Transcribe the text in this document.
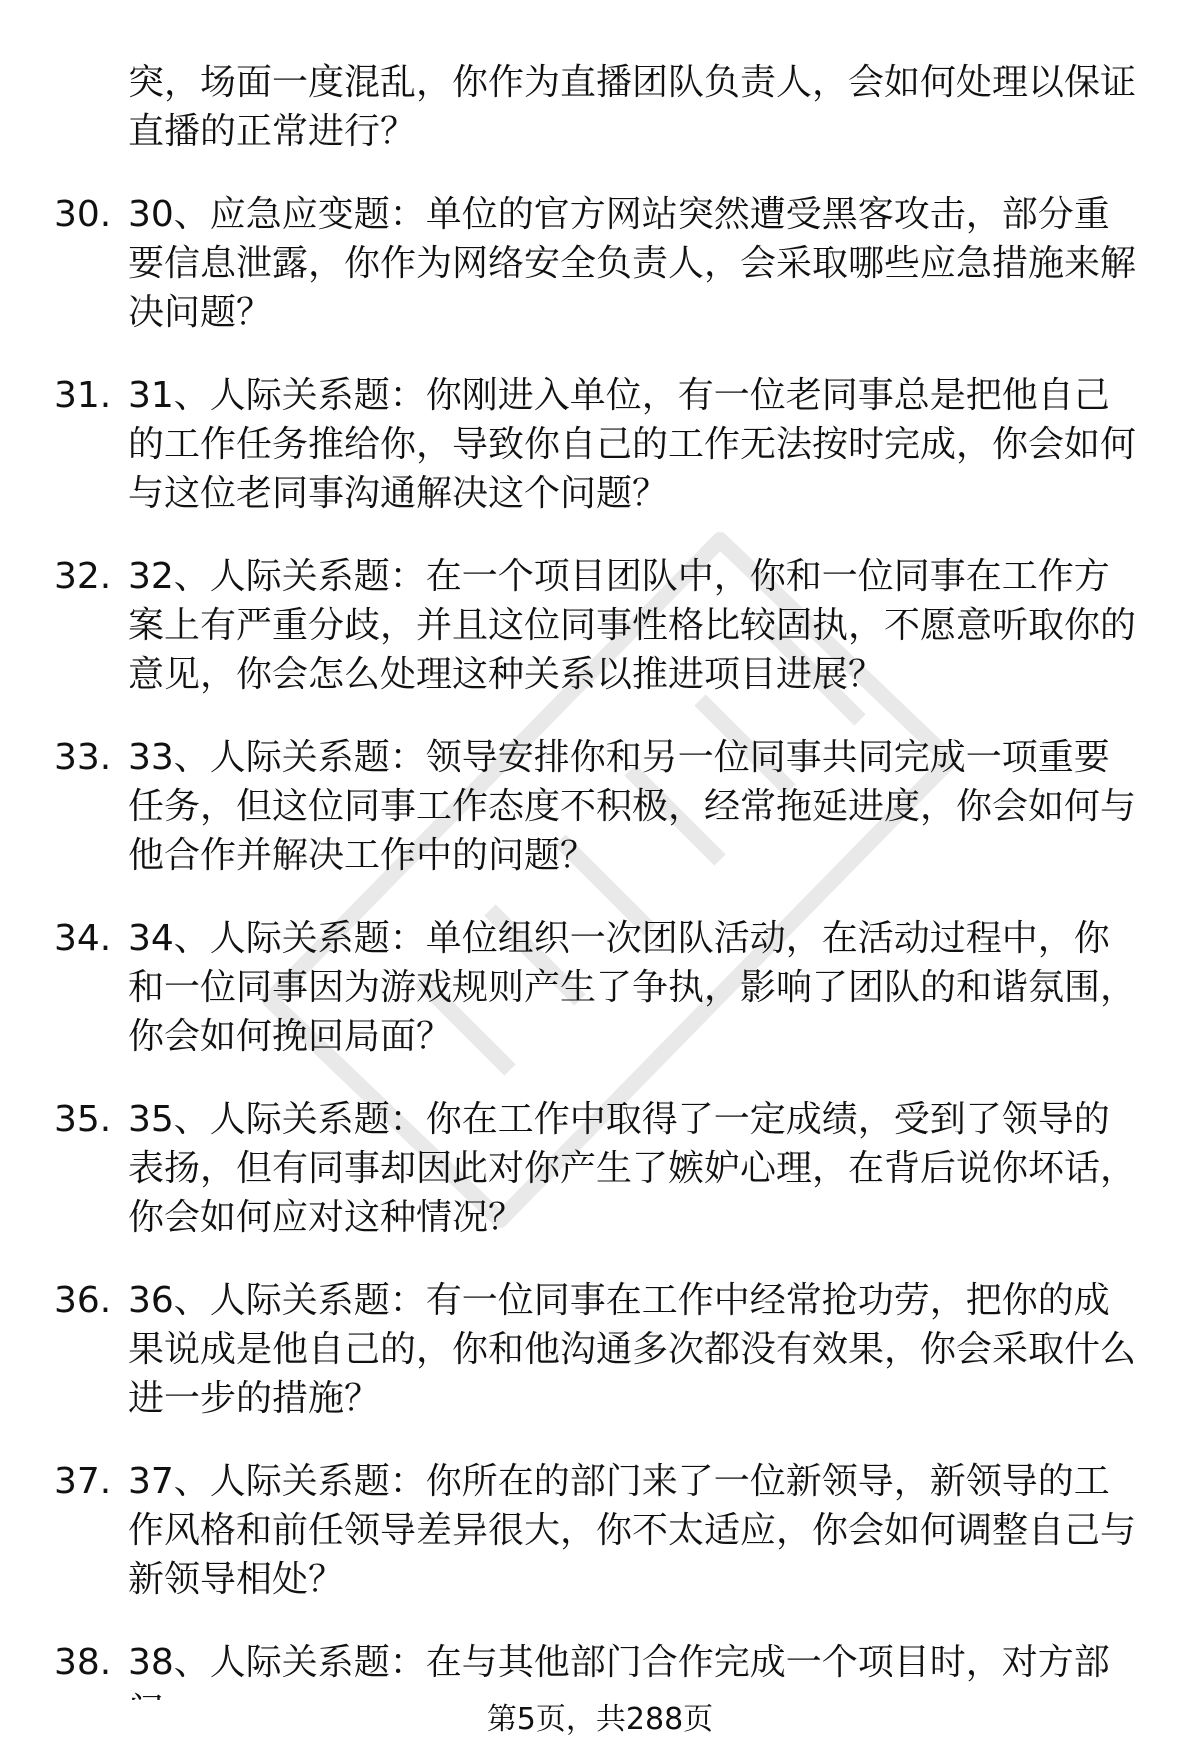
突，场面一度混乱，你作为直播团队负责人，会如何处理以保证直播的正常进行？

30. 30、应急应变题：单位的官方网站突然遭受黑客攻击，部分重要信息泄露，你作为网络安全负责人，会采取哪些应急措施来解决问题？

31. 31、人际关系题：你刚进入单位，有一位老同事总是把他自己的工作任务推给你，导致你自己的工作无法按时完成，你会如何与这位老同事沟通解决这个问题？

32. 32、人际关系题：在一个项目团队中，你和一位同事在工作方案上有严重分歧，并且这位同事性格比较固执，不愿意听取你的意见，你会怎么处理这种关系以推进项目进展？

33. 33、人际关系题：领导安排你和另一位同事共同完成一项重要任务，但这位同事工作态度不积极，经常拖延进度，你会如何与他合作并解决工作中的问题？

34. 34、人际关系题：单位组织一次团队活动，在活动过程中，你和一位同事因为游戏规则产生了争执，影响了团队的和谐氛围，你会如何挽回局面？

35. 35、人际关系题：你在工作中取得了一定成绩，受到了领导的表扬，但有同事却因此对你产生了嫉妒心理，在背后说你坏话，你会如何应对这种情况？

36. 36、人际关系题：有一位同事在工作中经常抢功劳，把你的成果说成是他自己的，你和他沟通多次都没有效果，你会采取什么进一步的措施？

37. 37、人际关系题：你所在的部门来了一位新领导，新领导的工作风格和前任领导差异很大，你不太适应，你会如何调整自己与新领导相处？

38. 38、人际关系题：在与其他部门合作完成一个项目时，对方部

第5页，共288页
